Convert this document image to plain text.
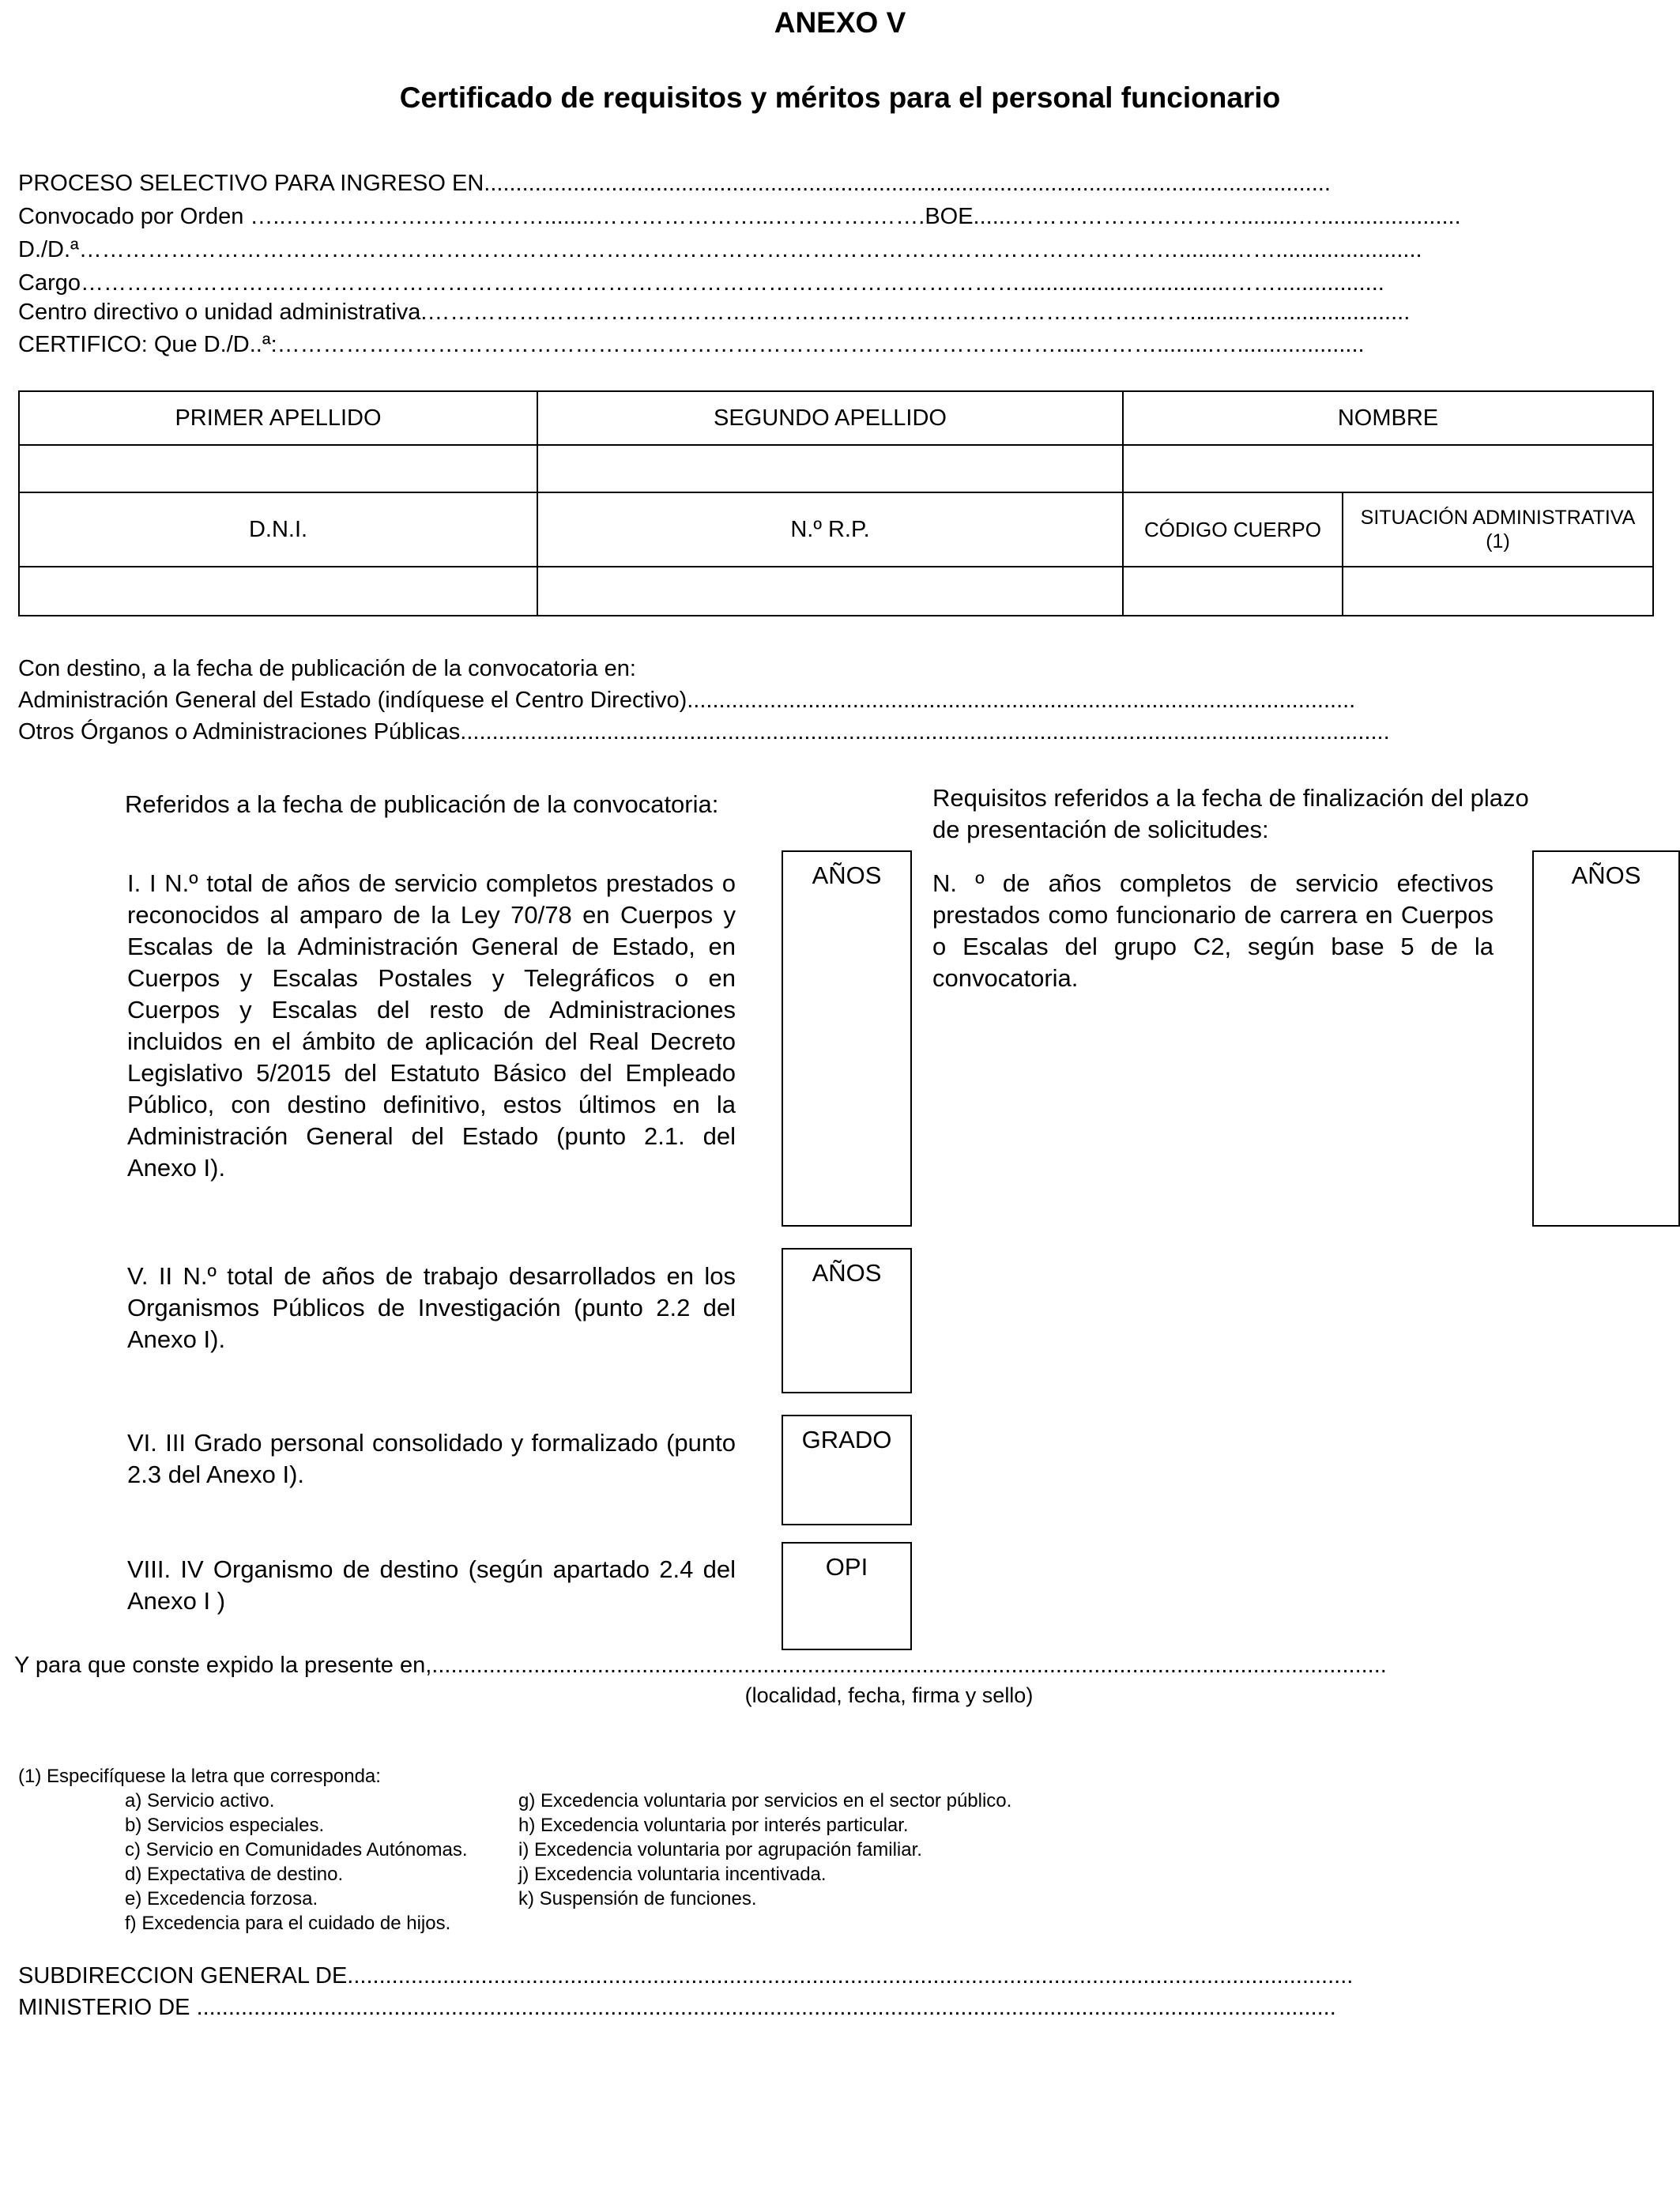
ANEXO V
Certificado de requisitos y méritos para el personal funcionario
PROCESO SELECTIVO PARA INGRESO EN.....................................................................................................................................
Convocado por Orden …..……………….……………........…………………...………….…….BOE......………………………….........…......................
D./D.ª………………………………………………………………………………………………………………………………........…….......................
Cargo…………………………………………………………………………………………………………….................................…….................
Centro directivo o unidad administrativa.………………………………………………………………………………….…….........…......................
CERTIFICO: Que D./D..ª:………………………………………………………………………………………….....……….........…....................
PRIMER APELLIDO	SEGUNDO APELLIDO	NOMBRE	

D.N.I.	N.º R.P.	CÓDIGO CUERPO	SITUACIÓN ADMINISTRATIVA (1)

Con destino, a la fecha de publicación de la convocatoria en:
Administración General del Estado (indíquese el Centro Directivo).........................................................................................................
Otros Órganos o Administraciones Públicas..................................................................................................................................................
Referidos a la fecha de publicación de la convocatoria:	Requisitos referidos a la fecha de finalización del plazo de presentación de solicitudes:
I. I N.º total de años de servicio completos prestados o reconocidos al amparo de la Ley 70/78 en Cuerpos y Escalas de la Administración General de Estado, en Cuerpos y Escalas Postales y Telegráficos o en Cuerpos y Escalas del resto de Administraciones incluidos en el ámbito de aplicación del Real Decreto Legislativo 5/2015 del Estatuto Básico del Empleado Público, con destino definitivo, estos últimos en la Administración General del Estado (punto 2.1. del Anexo I).
AÑOS
V. II N.º total de años de trabajo desarrollados en los Organismos Públicos de Investigación (punto 2.2 del Anexo I).
AÑOS
VI. III Grado personal consolidado y formalizado (punto 2.3 del Anexo I).
GRADO
VIII. IV Organismo de destino (según apartado 2.4 del Anexo I )
OPI
N. º de años completos de servicio efectivos prestados como funcionario de carrera en Cuerpos o Escalas del grupo C2, según base 5 de la convocatoria.
AÑOS
Y para que conste expido la presente en,......................................................................................................................................................
(localidad, fecha, firma y sello)
(1) Especifíquese la letra que corresponda:
a) Servicio activo.
b) Servicios especiales.
c) Servicio en Comunidades Autónomas.
d) Expectativa de destino.
e) Excedencia forzosa.
f) Excedencia para el cuidado de hijos.
g) Excedencia voluntaria por servicios en el sector público.
h) Excedencia voluntaria por interés particular.
i) Excedencia voluntaria por agrupación familiar.
j) Excedencia voluntaria incentivada.
k) Suspensión de funciones.
SUBDIRECCION GENERAL DE..............................................................................................................................................................
MINISTERIO DE ...................................................................................................................................................................................
